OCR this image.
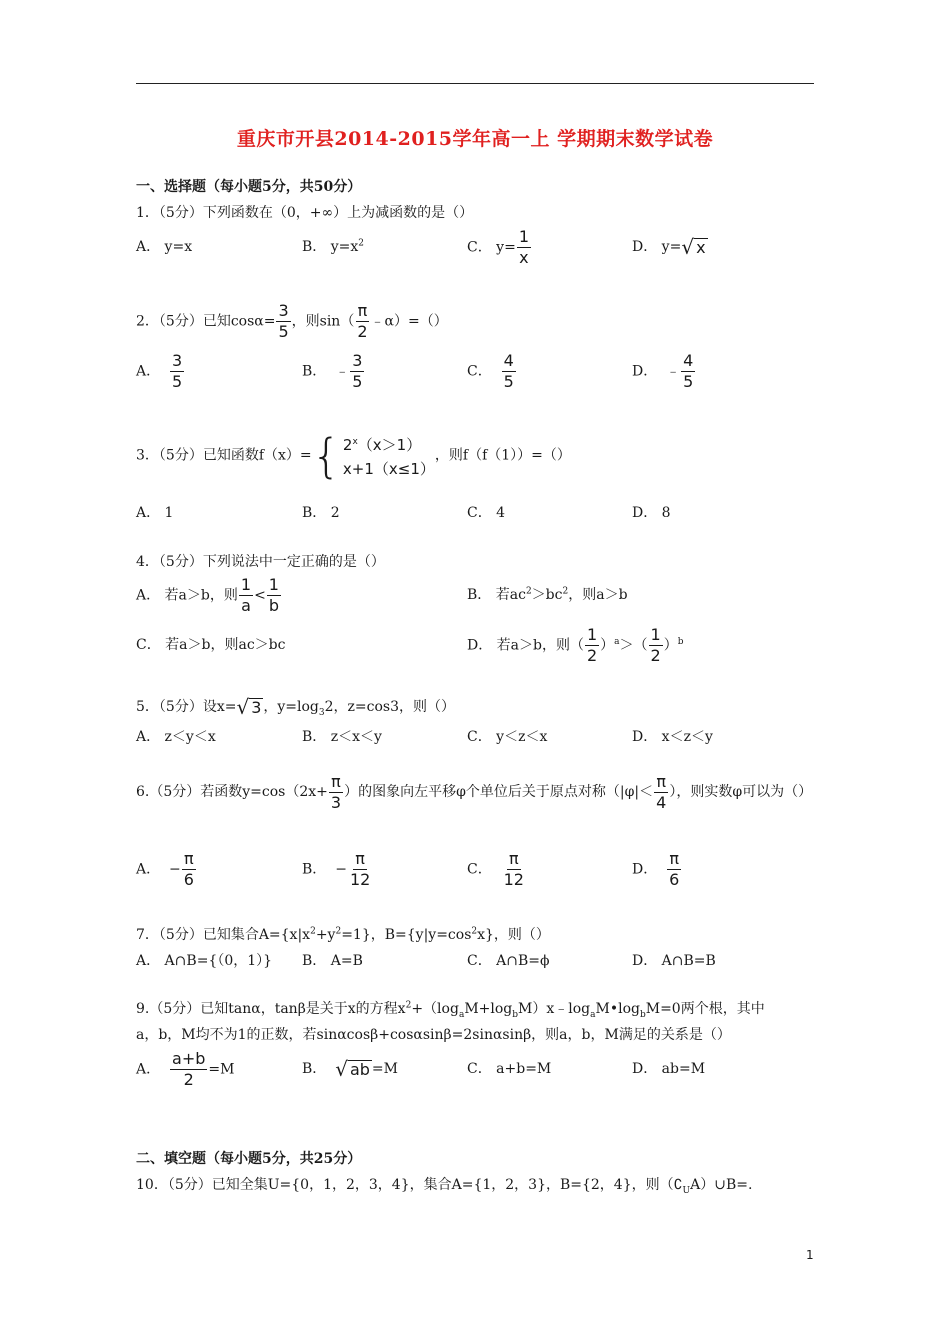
重庆市开县2014-2015学年高一上 学期期末数学试卷
一、选择题（每小题5分，共50分）
1．（5分）下列函数在（0，+∞）上为减函数的是（）
A． y=x	B． $y=x^2$	C． $y= \frac{1}{x}$	D． y= √ x
2．（5分）已知$\cos\alpha= \frac{3}{5}$ ，则$\sin( \frac{\pi}{2}$ ﹣α）=（）
A． $\frac{3}{5}$	B． ﹣ $\frac{3}{5}$	C． $\frac{4}{5}$	D． ﹣ $\frac{4}{5}$
3．（5分）已知函数f（x）= { $2^x(x>1)$
x+1（x≤1）
，则f（f（1））=（）
A． 1	B． 2	C． 4	D． 8
4．（5分）下列说法中一定正确的是（）
A． 若a＞b，则 $\frac{1}{a} < \frac{1}{b}$	B． 若$ac^2>bc^2$，则a＞b
C． 若a＞b，则ac＞bc	D． 若a＞b，则（ $\frac{1}{2} )^a>( \frac{1}{2} )^b$
5．（5分）设x= √ 3 ，$y=\log_32$，z=cos3，则（）
A． z＜y＜x	B． z＜x＜y	C． y＜z＜x	D． x＜z＜y
6.（5分）若函数$y=\cos(2x+ \frac{\pi}{3}$ ）的图象向左平移φ个单位后关于原点对称（$|\varphi|< \frac{\pi}{4}$ ），则实数φ可以为（）
A． − $\frac{\pi}{6}$	B． − $\frac{\pi}{12}$	C． $\frac{\pi}{12}$	D． $\frac{\pi}{6}$
7．（5分）已知集合$A=\{x|x^2+y^2=1\}$，$B=\{y|y=\cos^2x\}$，则（）
A． A∩B={（0，1）} B． A=B	C． A∩B=ϕ	D． A∩B=B
9.（5分）已知tanα，tanβ是关于x的方程$x^2+(\log_aM+\log_bM)x﹣\log_aM•\log_bM=0$两个根，其中
a，b，M均不为1的正数，若sinαcosβ+cosαsinβ=2sinαsinβ，则a，b，M满足的关系是（）
A． $\frac{a+b}{2} =M$	B． √ ab =M	C． a+b=M	D． ab=M
二、填空题（每小题5分，共25分）
10．（5分）已知全集U={0，1，2，3，4}，集合A={1，2，3}，B={2，4}，则$(∁_UA)\cup B=$.
1
